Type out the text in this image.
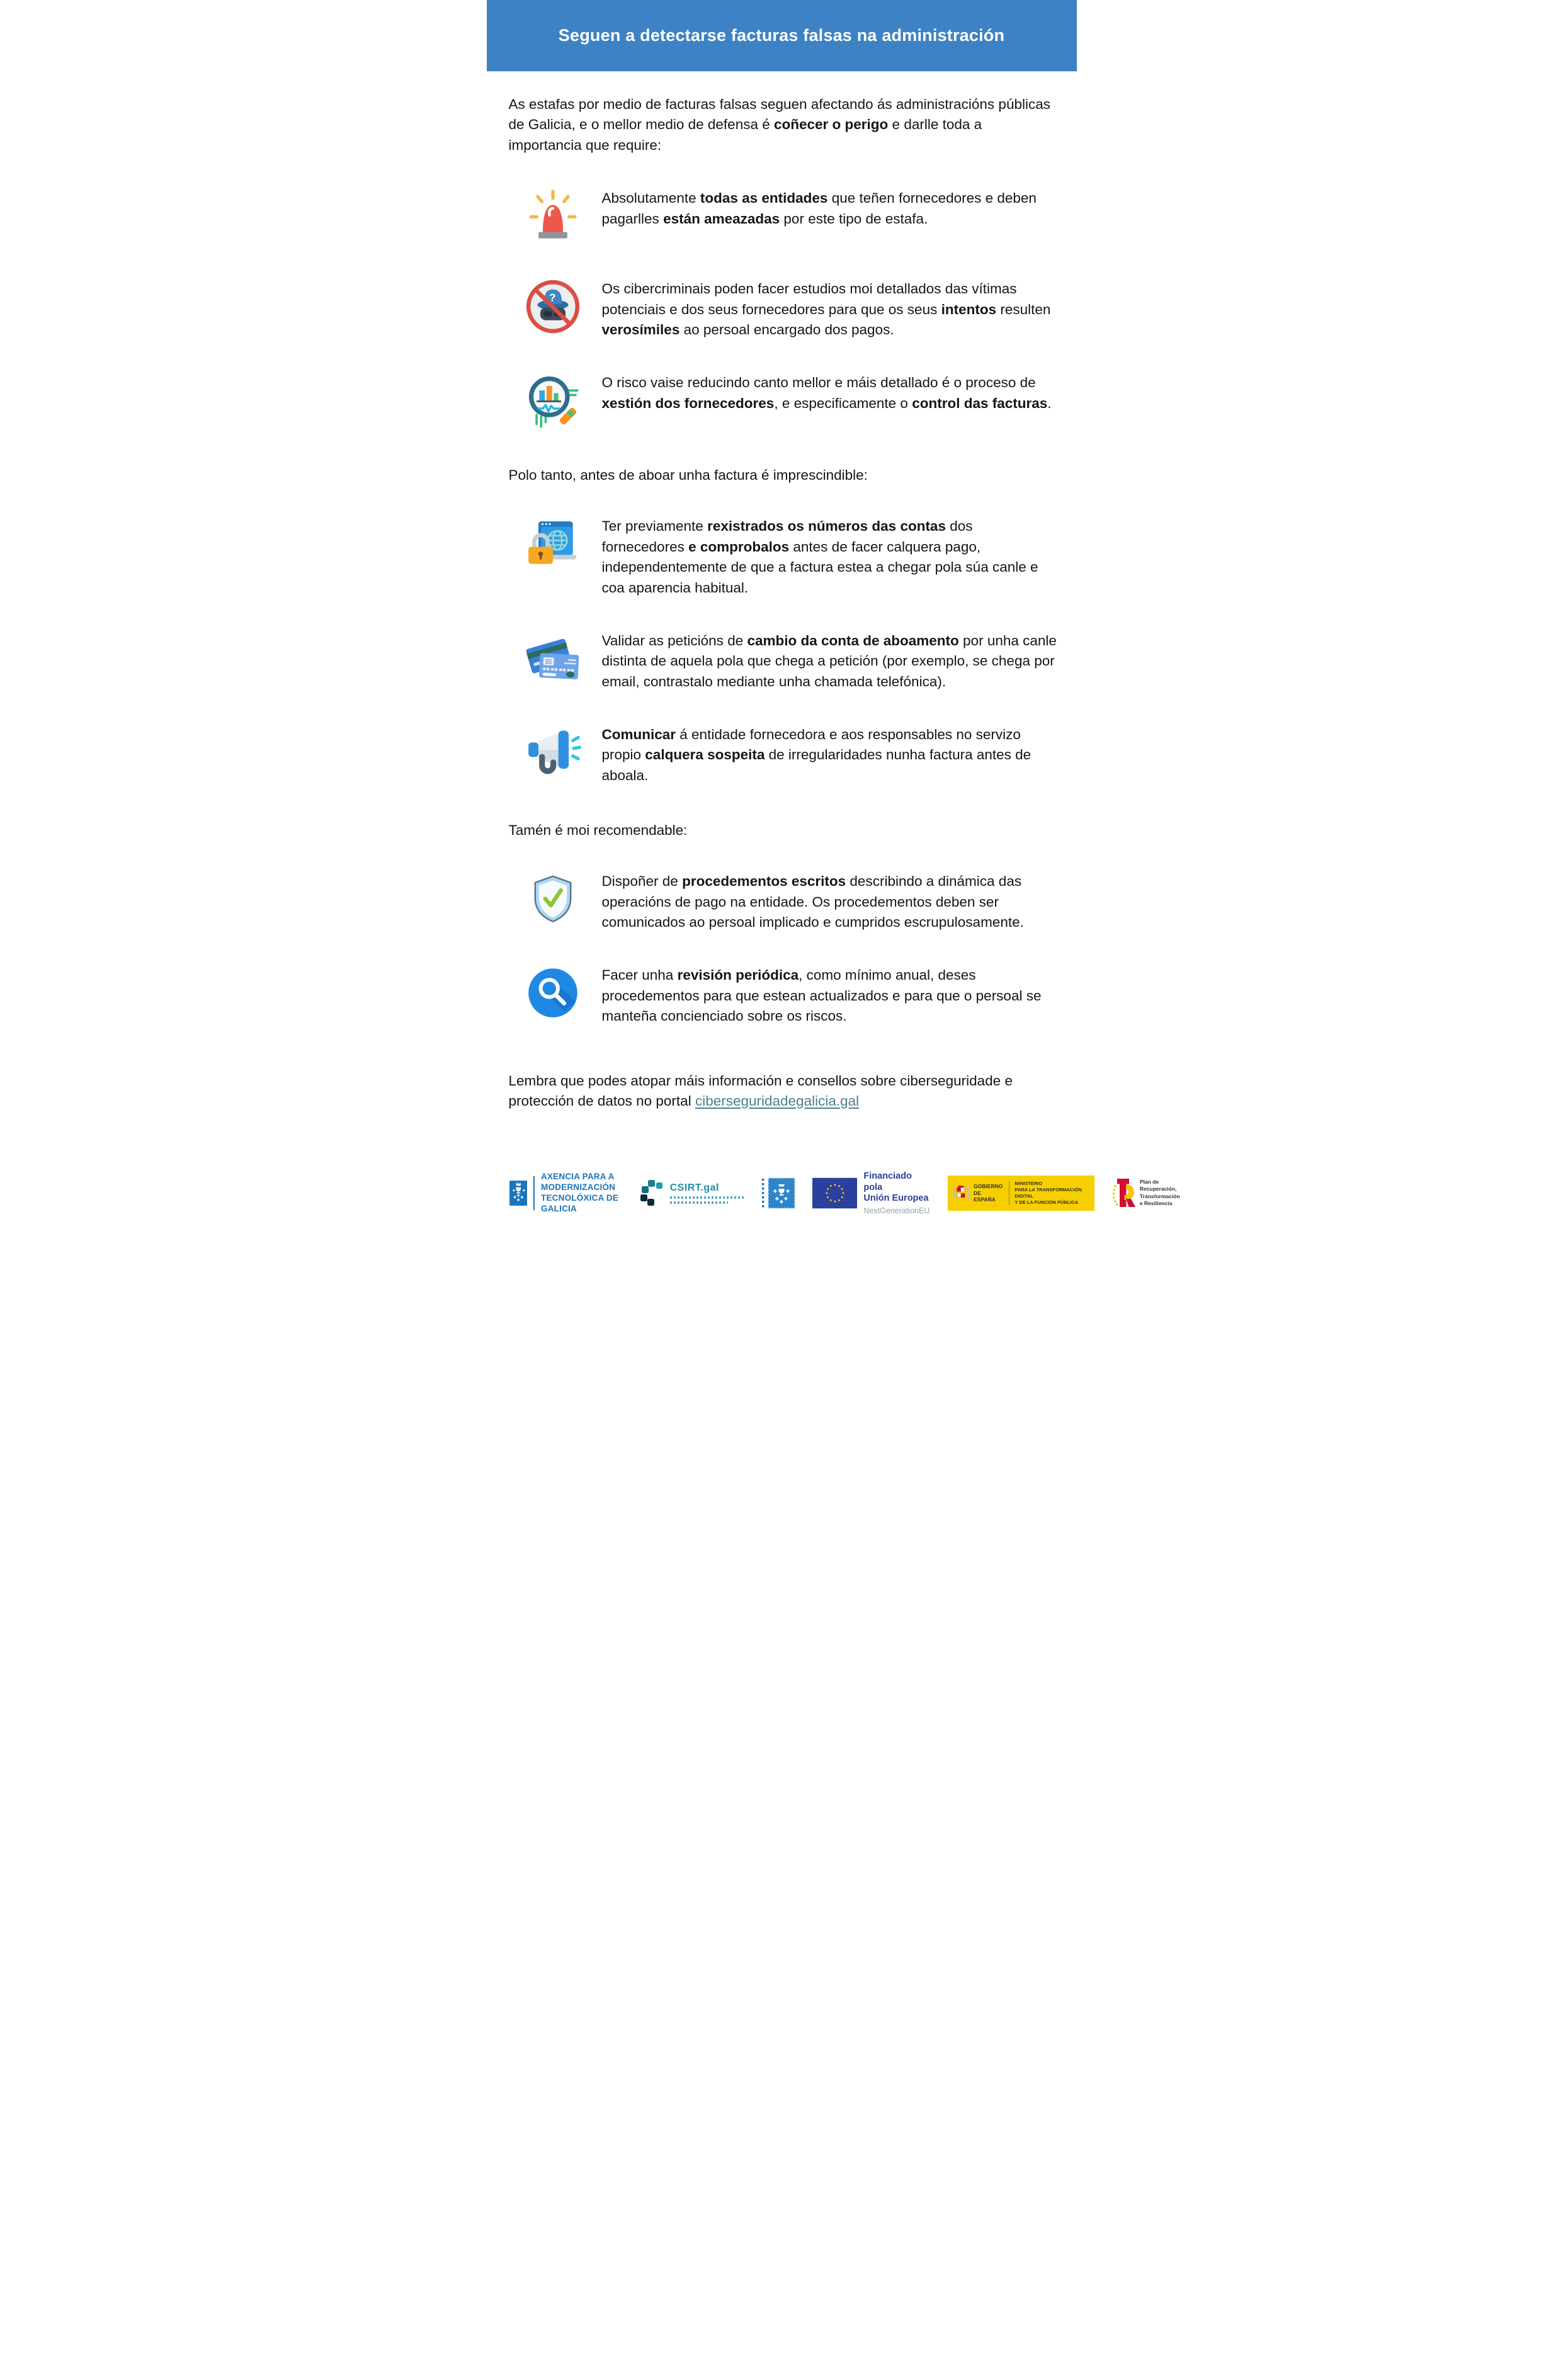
Seguen a detectarse facturas falsas na administración

As estafas por medio de facturas falsas seguen afectando ás administracións públicas de Galicia, e o mellor medio de defensa é coñecer o perigo e darlle toda a importancia que require:

Absolutamente todas as entidades que teñen fornecedores e deben pagarlles están ameazadas por este tipo de estafa.

?

Os cibercriminais poden facer estudios moi detallados das vítimas potenciais e dos seus fornecedores para que os seus intentos resulten verosímiles ao persoal encargado dos pagos.

O risco vaise reducindo canto mellor e máis detallado é o proceso de xestión dos fornecedores, e especificamente o control das facturas.

Polo tanto, antes de aboar unha factura é imprescindible:

Ter previamente rexistrados os números das contas dos fornecedores e comprobalos antes de facer calquera pago, independentemente de que a factura estea a chegar pola súa canle e coa aparencia habitual.

Validar as peticións de cambio da conta de aboamento por unha canle distinta de aquela pola que chega a petición (por exemplo, se chega por email, contrastalo mediante unha chamada telefónica).

Comunicar á entidade fornecedora e aos responsables no servizo propio calquera sospeita de irregularidades nunha factura antes de aboala.

Tamén é moi recomendable:

Dispoñer de procedementos escritos describindo a dinámica das operacións de pago na entidade. Os procedementos deben ser comunicados ao persoal implicado e cumpridos escrupulosamente.

Facer unha revisión periódica, como mínimo anual, deses procedementos para que estean actualizados e para que o persoal se manteña concienciado sobre os riscos.

Lembra que podes atopar máis información e consellos sobre ciberseguridade e protección de datos no portal ciberseguridadegalicia.gal

AXENCIA PARA A
MODERNIZACIÓN
TECNOLÓXICA DE GALICIA
CSIRT.gal
Financiado pola
Unión Europea
NextGenerationEU
GOBIERNO
DE ESPAÑA
MINISTERIO
PARA LA TRANSFORMACIÓN DIGITAL
Y DE LA FUNCIÓN PÚBLICA
Plan de
Recuperación,
Transformación
e Resiliencia
